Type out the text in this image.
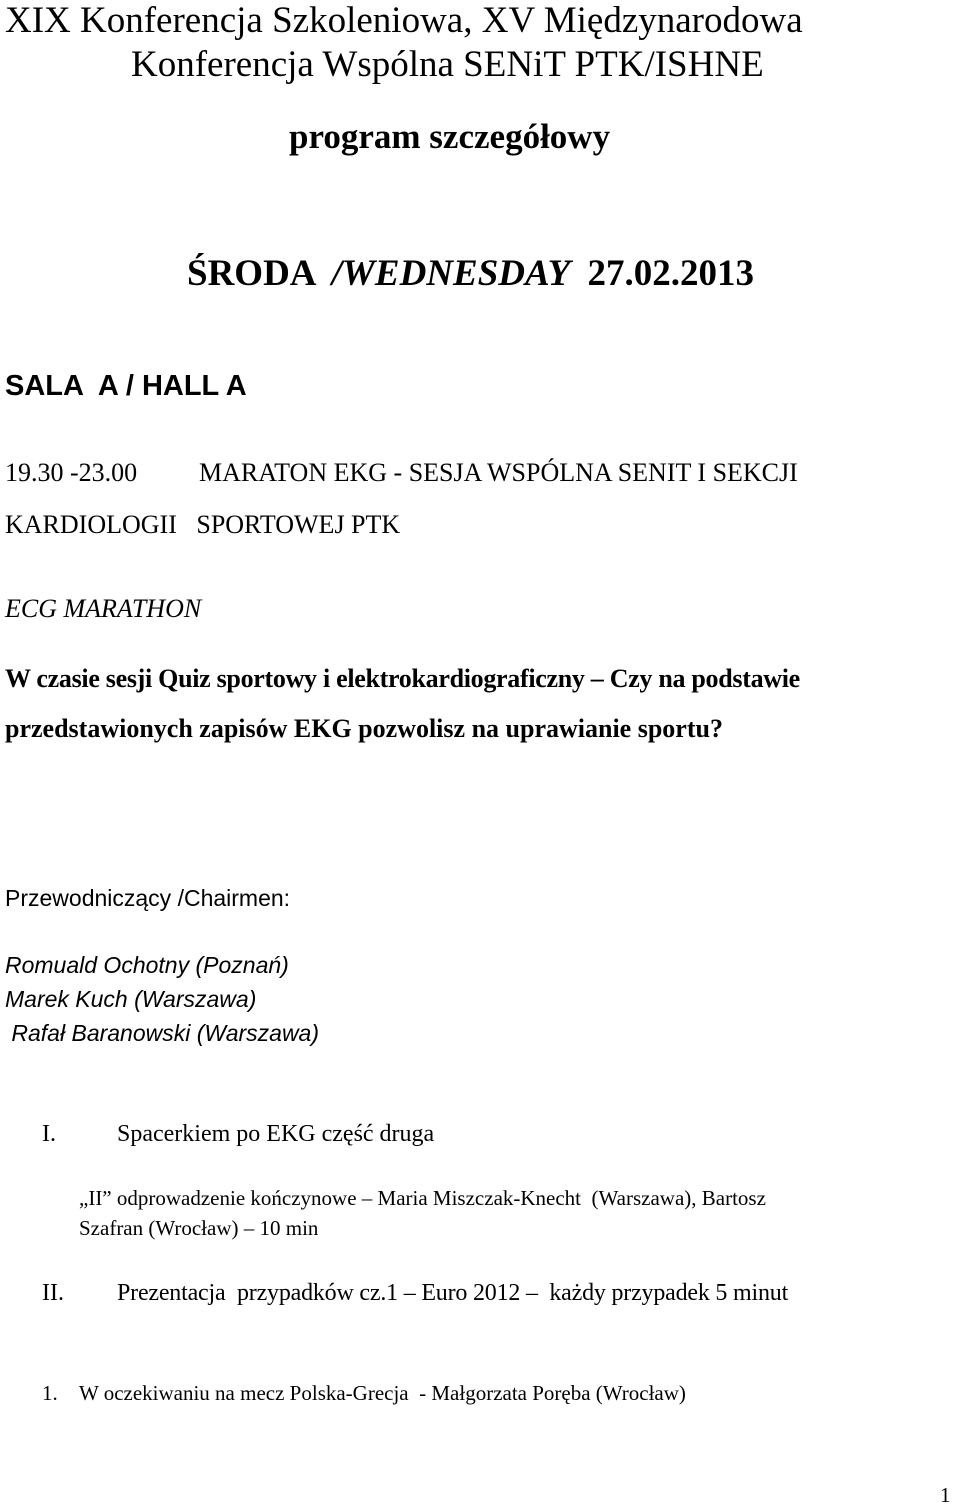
XIX Konferencja Szkoleniowa, XV Międzynarodowa

Konferencja Wspólna SENiT PTK/ISHNE

program szczegółowy

ŚRODA /WEDNESDAY 27.02.2013

SALA  A / HALL A

19.30 -23.00 MARATON EKG - SESJA WSPÓLNA SENIT I SEKCJI

KARDIOLOGII   SPORTOWEJ PTK

ECG MARATHON

W czasie sesji Quiz sportowy i elektrokardiograficzny – Czy na podstawie

przedstawionych zapisów EKG pozwolisz na uprawianie sportu?

Przewodniczący /Chairmen:

Romuald Ochotny (Poznań)

Marek Kuch (Warszawa)

Rafał Baranowski (Warszawa)

I.	Spacerkiem po EKG część druga

„II” odprowadzenie kończynowe – Maria Miszczak-Knecht  (Warszawa), Bartosz

Szafran (Wrocław) – 10 min

II. Prezentacja  przypadków cz.1 – Euro 2012 –  każdy przypadek 5 minut

1. W oczekiwaniu na mecz Polska-Grecja  - Małgorzata Poręba (Wrocław)

1
